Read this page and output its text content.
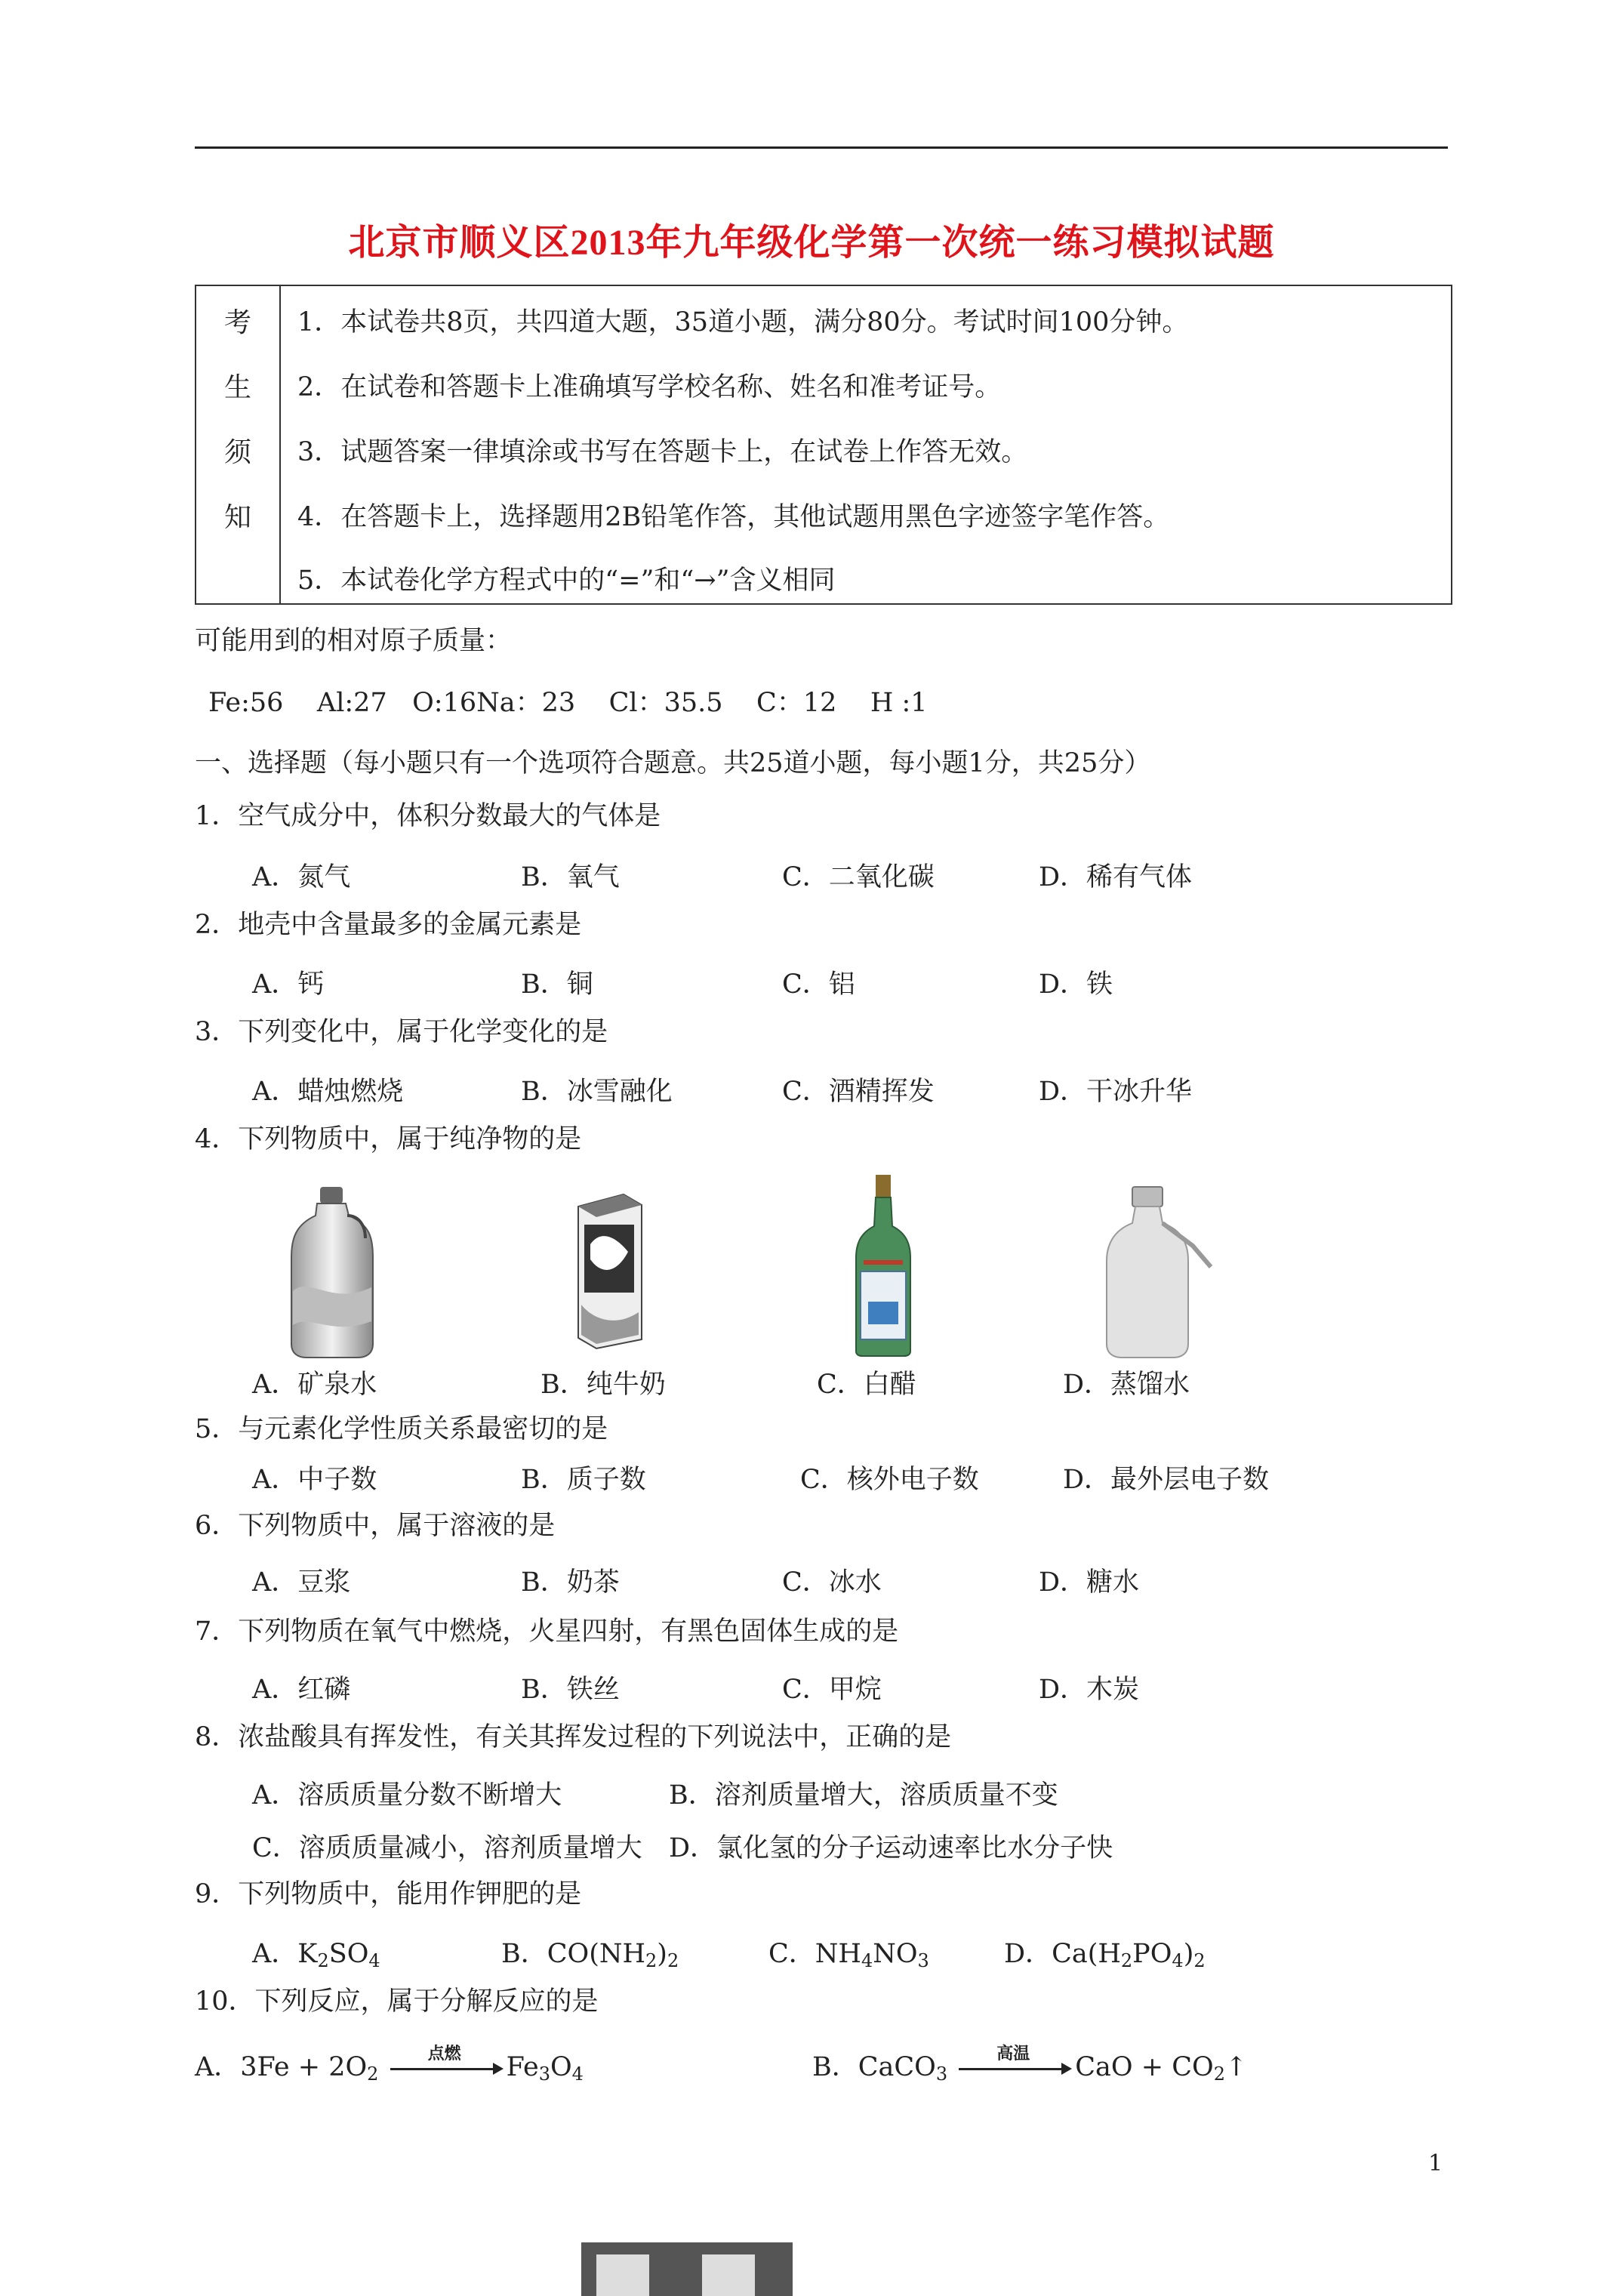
北京市顺义区2013年九年级化学第一次统一练习模拟试题
考
生
须
知
1．本试卷共8页，共四道大题，35道小题，满分80分。考试时间100分钟。
2．在试卷和答题卡上准确填写学校名称、姓名和准考证号。
3．试题答案一律填涂或书写在答题卡上，在试卷上作答无效。
4．在答题卡上，选择题用2B铅笔作答，其他试题用黑色字迹签字笔作答。
5．本试卷化学方程式中的“=”和“→”含义相同
可能用到的相对原子质量：
Fe:56    Al:27   O:16Na：23    Cl：35.5    C：12    H :1
一、选择题（每小题只有一个选项符合题意。共25道小题，每小题1分，共25分）
1．空气成分中，体积分数最大的气体是
A．氮气	B．氧气	C．二氧化碳	D．稀有气体
2．地壳中含量最多的金属元素是
A．钙	B．铜	C．铝	D．铁
3．下列变化中，属于化学变化的是
A．蜡烛燃烧	B．冰雪融化	C．酒精挥发	D．干冰升华
4．下列物质中，属于纯净物的是
A．矿泉水	B．纯牛奶	C．白醋	D．蒸馏水
5．与元素化学性质关系最密切的是
A．中子数	B．质子数	C．核外电子数	D．最外层电子数
6．下列物质中，属于溶液的是
A．豆浆	B．奶茶	C．冰水	D．糖水
7．下列物质在氧气中燃烧，火星四射，有黑色固体生成的是
A．红磷	B．铁丝	C．甲烷	D．木炭
8．浓盐酸具有挥发性，有关其挥发过程的下列说法中，正确的是
A．溶质质量分数不断增大	B．溶剂质量增大，溶质质量不变
C．溶质质量减小，溶剂质量增大 D．氯化氢的分子运动速率比水分子快
9．下列物质中，能用作钾肥的是
A．$K_2SO_4$	B．$CO(NH_2)_2$	C．$NH_4NO_3$	D．$Ca(H_2PO_4)_2$
10．下列反应，属于分解反应的是
A．$3Fe + 2O_2$
点燃 $Fe_3O_4$	B．CaCO$_3$
高温 CaO + $CO_2↑$
1
